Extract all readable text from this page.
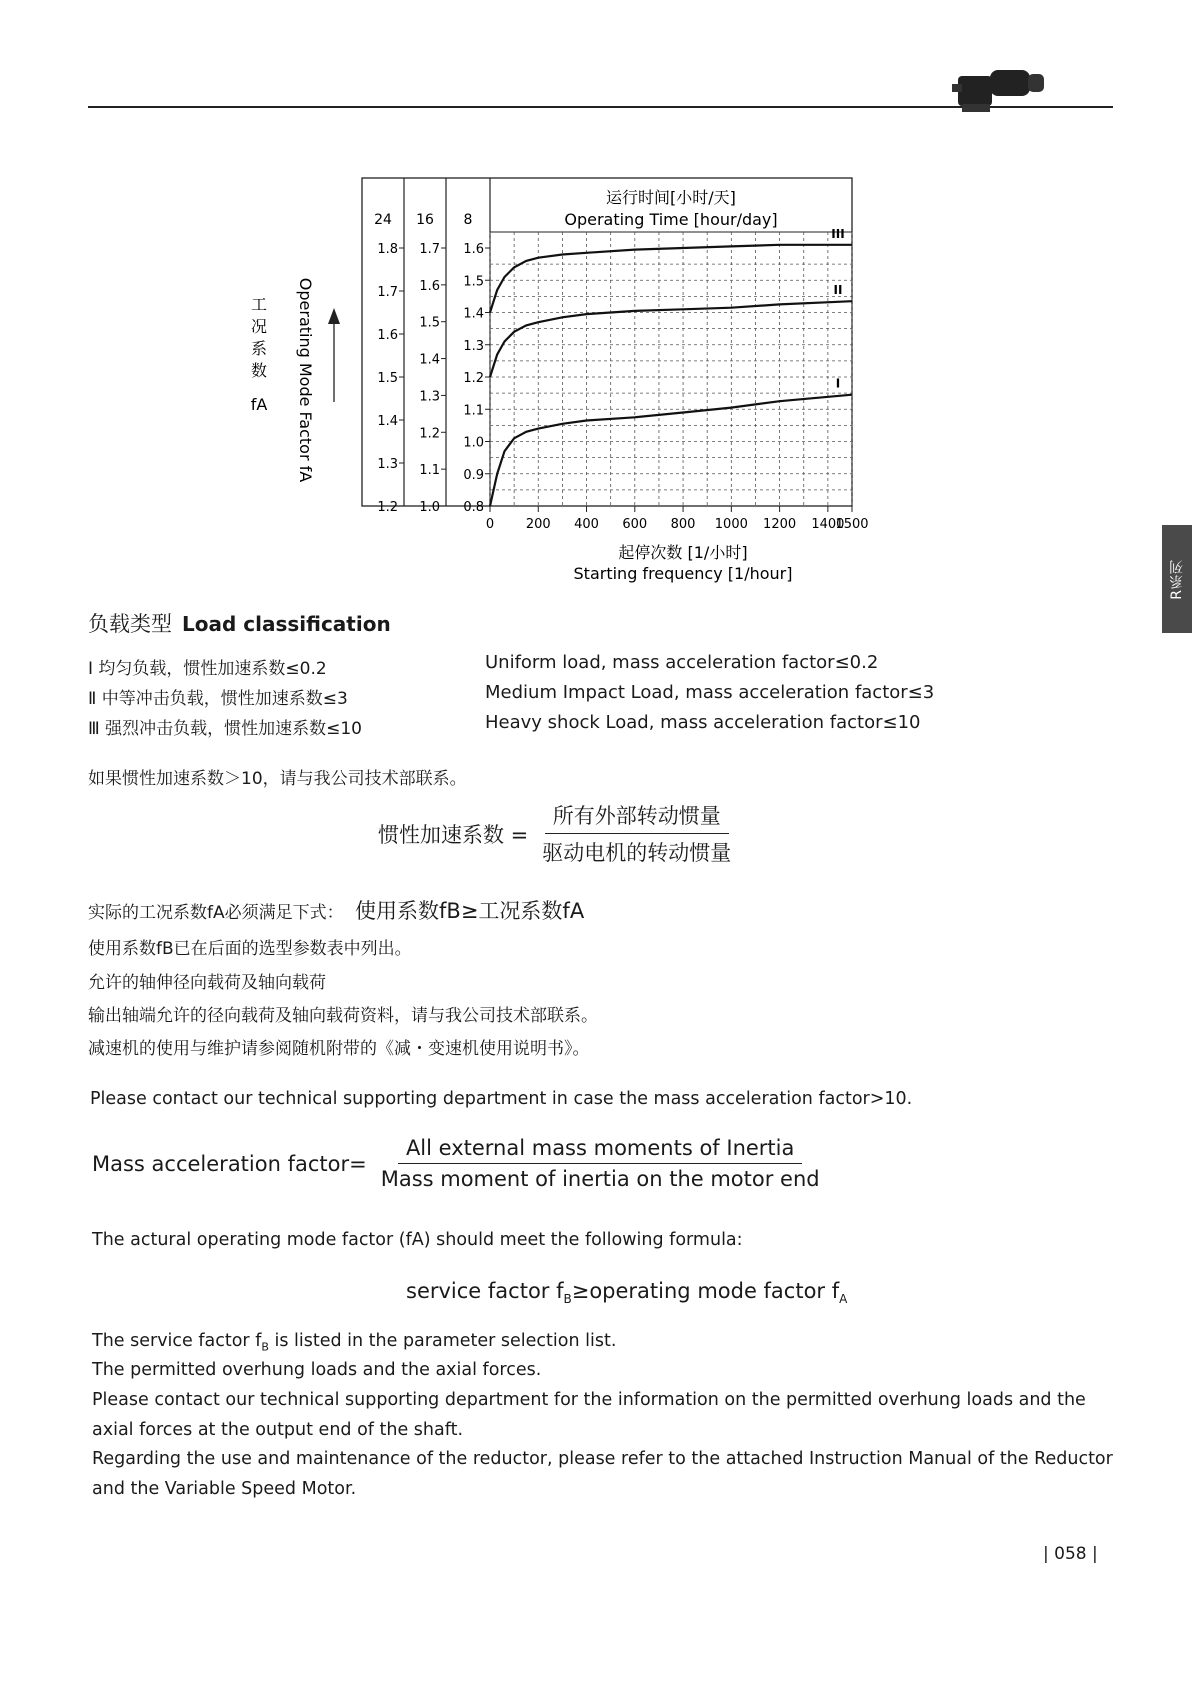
R系列
运行时间[小时/天]
Operating Time [hour/day]
24
1.8
1.7
1.6
1.5
1.4
1.3
1.2
16
1.7
1.6
1.5
1.4
1.3
1.2
1.1
1.0
8
1.6
1.5
1.4
1.3
1.2
1.1
1.0
0.9
0.8
0 200 400 600 800 1000 1200 1400
1500
起停次数 [1/小时]
Starting frequency [1/hour]
Operating Mode Factor fA
工
况
系
数
fA
III
II
I
负载类型 Load classification
Ⅰ 均匀负载，惯性加速系数≤0.2	Uniform load, mass acceleration factor≤0.2
Ⅱ 中等冲击负载，惯性加速系数≤3	Medium Impact Load, mass acceleration factor≤3
Ⅲ 强烈冲击负载，惯性加速系数≤10	Heavy shock Load, mass acceleration factor≤10
如果惯性加速系数＞10，请与我公司技术部联系。
惯性加速系数 = $\frac{\text{所有外部转动惯量}}{\text{驱动电机的转动惯量}}$
实际的工况系数fA必须满足下式： 使用系数fB≥工况系数fA
使用系数fB已在后面的选型参数表中列出。
允许的轴伸径向载荷及轴向载荷
输出轴端允许的径向载荷及轴向载荷资料，请与我公司技术部联系。
减速机的使用与维护请参阅随机附带的《减・变速机使用说明书》。
Please contact our technical supporting department in case the mass acceleration factor>10.
Mass acceleration factor= $\frac{\text{All external mass moments of Inertia}}{\text{Mass moment of inertia on the motor end}}$
The actural operating mode factor (fA) should meet the following formula:
service factor $f_B\ge operating$ mode factor $f_A$
The service factor $f_B$ is listed in the parameter selection list.
The permitted overhung loads and the axial forces.
Please contact our technical supporting department for the information on the permitted overhung loads and the
axial forces at the output end of the shaft.
Regarding the use and maintenance of the reductor, please refer to the attached Instruction Manual of the Reductor
and the Variable Speed Motor.
| 058 |
